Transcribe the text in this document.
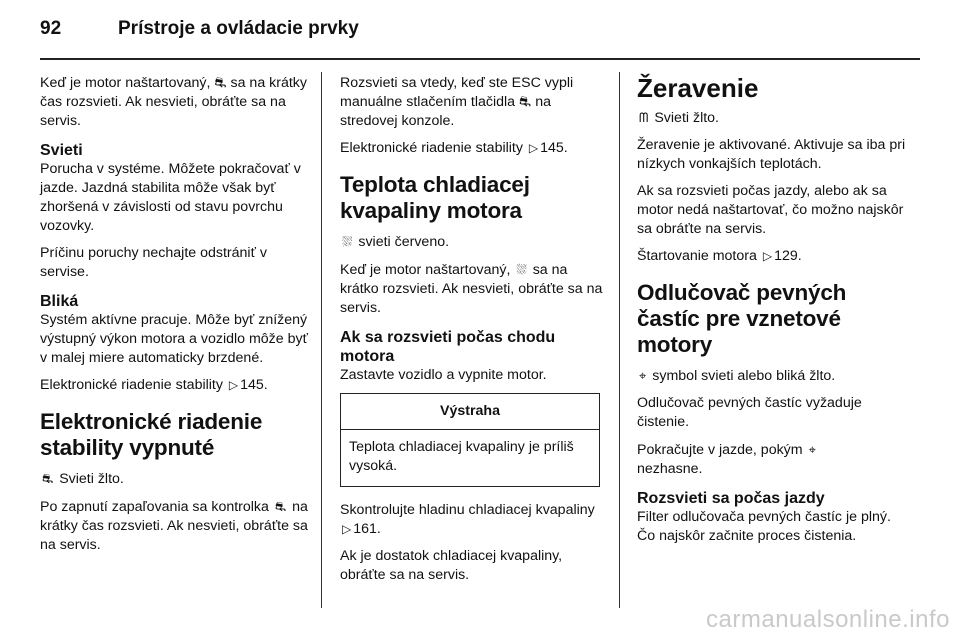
92	Prístroje a ovládacie prvky

Keď je motor naštartovaný, ⛐ sa na krátky čas rozsvieti. Ak nesvieti, obráťte sa na servis.

Svieti

Porucha v systéme. Môžete pokračovať v jazde. Jazdná stabilita môže však byť zhoršená v závislosti od stavu povrchu vozovky.

Príčinu poruchy nechajte odstrániť v servise.

Bliká

Systém aktívne pracuje. Môže byť znížený výstupný výkon motora a vozidlo môže byť v malej miere automaticky brzdené.

Elektronické riadenie stability ▷ 145.

Elektronické riadenie stability vypnuté

⛐ Svieti žlto.

Po zapnutí zapaľovania sa kontrolka ⛐ na krátky čas rozsvieti. Ak nesvieti, obráťte sa na servis.

Rozsvieti sa vtedy, keď ste ESC vypli manuálne stlačením tlačidla ⛐ na stredovej konzole.

Elektronické riadenie stability ▷ 145.

Teplota chladiacej kvapaliny motora

⛆ svieti červeno.

Keď je motor naštartovaný, ⛆ sa na krátko rozsvieti. Ak nesvieti, obráťte sa na servis.

Ak sa rozsvieti počas chodu motora

Zastavte vozidlo a vypnite motor.

Výstraha
Teplota chladiacej kvapaliny je príliš vysoká.

Skontrolujte hladinu chladiacej kvapaliny ▷ 161.

Ak je dostatok chladiacej kvapaliny, obráťte sa na servis.

Žeravenie

ᗰ Svieti žlto.

Žeravenie je aktivované. Aktivuje sa iba pri nízkych vonkajších teplotách.

Ak sa rozsvieti počas jazdy, alebo ak sa motor nedá naštartovať, čo možno najskôr sa obráťte na servis.

Štartovanie motora ▷ 129.

Odlučovač pevných častíc pre vznetové motory

⌖ symbol svieti alebo bliká žlto.

Odlučovač pevných častíc vyžaduje čistenie.

Pokračujte v jazde, pokým ⌖
nezhasne.

Rozsvieti sa počas jazdy

Filter odlučovača pevných častíc je plný. Čo najskôr začnite proces čistenia.

carmanualsonline.info
